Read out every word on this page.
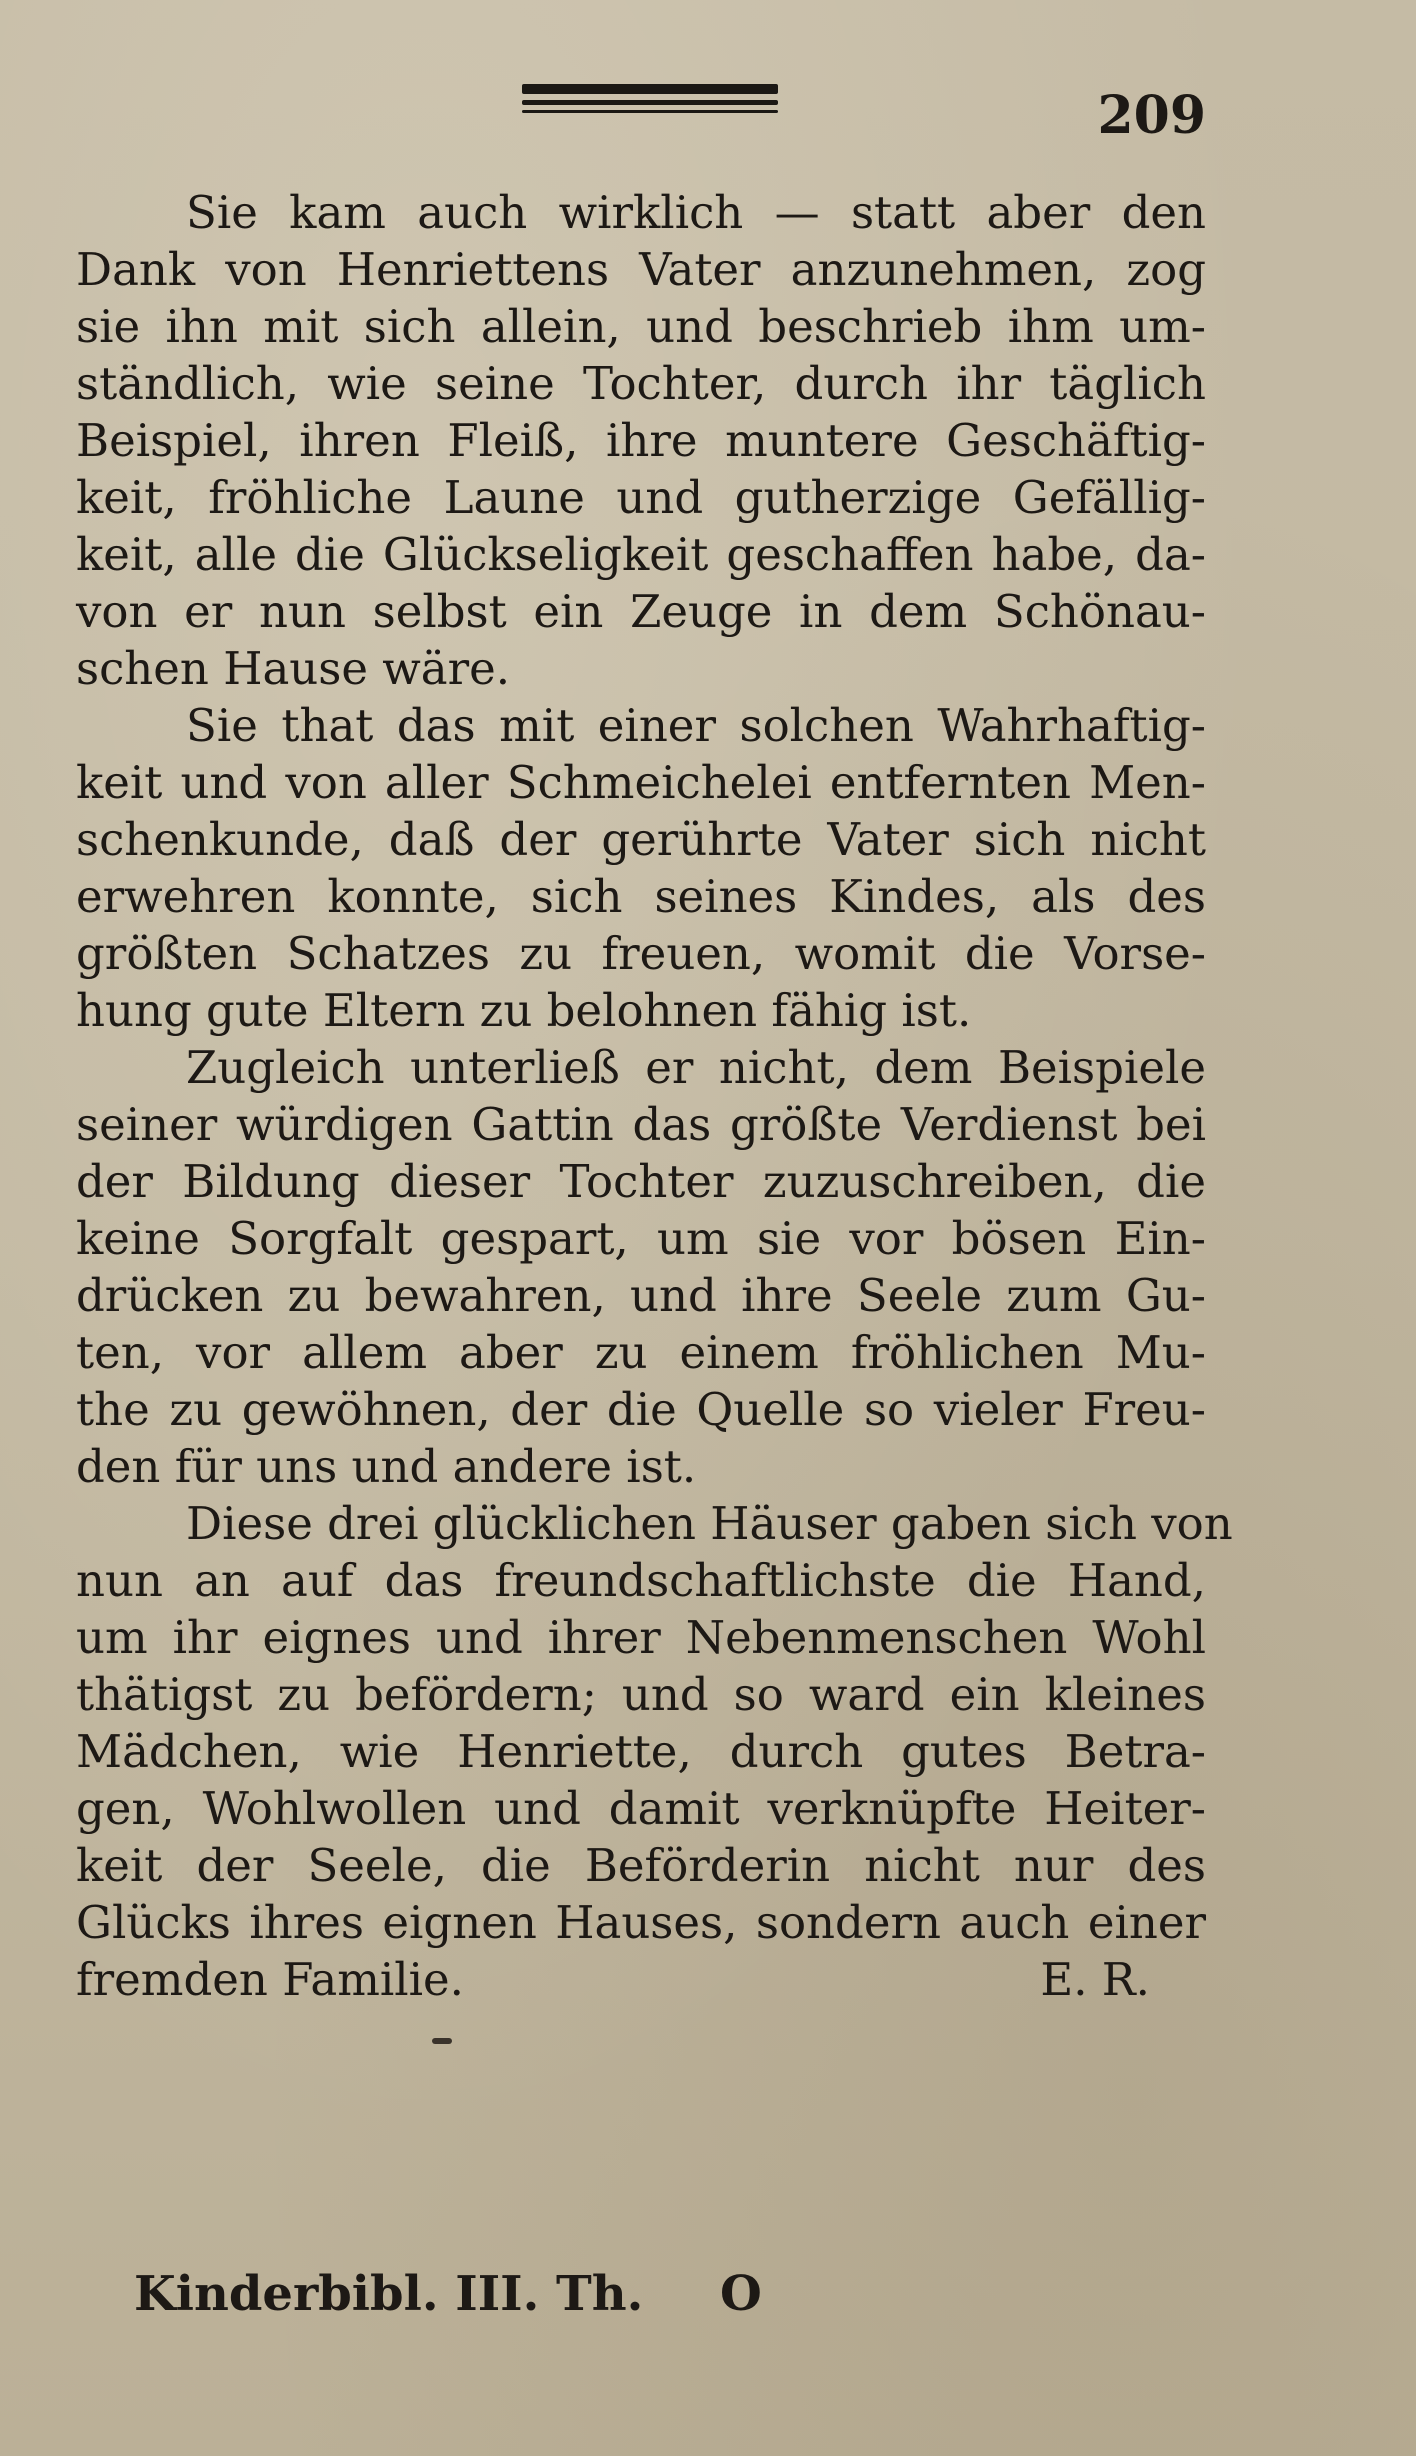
209
Sie kam auch wirklich — statt aber den
Dank von Henriettens Vater anzunehmen, zog
sie ihn mit sich allein, und beschrieb ihm um-
ständlich, wie seine Tochter, durch ihr täglich
Beispiel, ihren Fleiß, ihre muntere Geschäftig-
keit, fröhliche Laune und gutherzige Gefällig-
keit, alle die Glückseligkeit geschaffen habe, da-
von er nun selbst ein Zeuge in dem Schönau-
schen Hause wäre.
Sie that das mit einer solchen Wahrhaftig-
keit und von aller Schmeichelei entfernten Men-
schenkunde, daß der gerührte Vater sich nicht
erwehren konnte, sich seines Kindes, als des
größten Schatzes zu freuen, womit die Vorse-
hung gute Eltern zu belohnen fähig ist.
Zugleich unterließ er nicht, dem Beispiele
seiner würdigen Gattin das größte Verdienst bei
der Bildung dieser Tochter zuzuschreiben, die
keine Sorgfalt gespart, um sie vor bösen Ein-
drücken zu bewahren, und ihre Seele zum Gu-
ten, vor allem aber zu einem fröhlichen Mu-
the zu gewöhnen, der die Quelle so vieler Freu-
den für uns und andere ist.
Diese drei glücklichen Häuser gaben sich von
nun an auf das freundschaftlichste die Hand,
um ihr eignes und ihrer Nebenmenschen Wohl
thätigst zu befördern; und so ward ein kleines
Mädchen, wie Henriette, durch gutes Betra-
gen, Wohlwollen und damit verknüpfte Heiter-
keit der Seele, die Beförderin nicht nur des
Glücks ihres eignen Hauses, sondern auch einer
fremden Familie.	E. R.
Kinderbibl. III. Th. O
